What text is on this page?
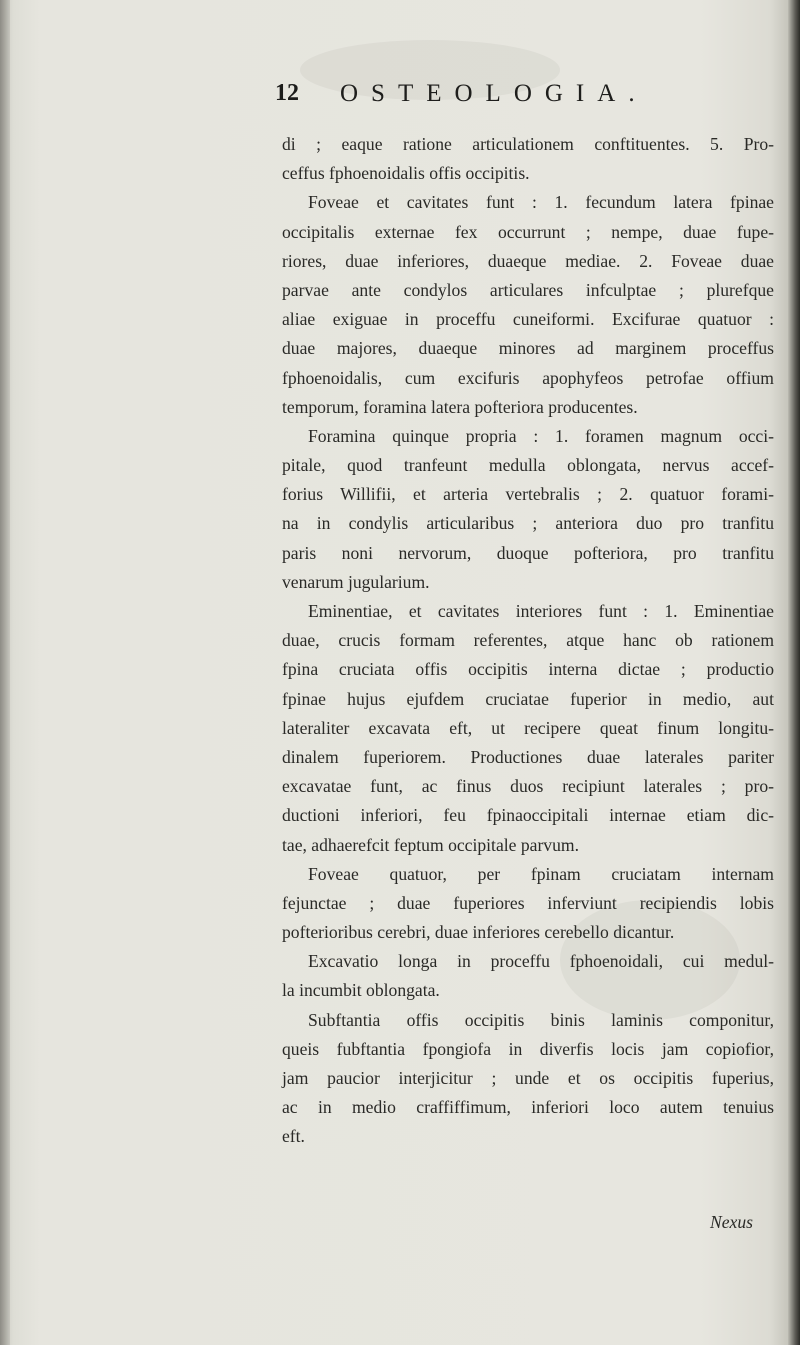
12 OSTEOLOGIA.
di ; eaque ratione articulationem conftituentes. 5. Pro-
ceffus fphoenoidalis offis occipitis.
Foveae et cavitates funt : 1. fecundum latera fpinae
occipitalis externae fex occurrunt ; nempe, duae fupe-
riores, duae inferiores, duaeque mediae. 2. Foveae duae
parvae ante condylos articulares infculptae ; plurefque
aliae exiguae in proceffu cuneiformi. Excifurae quatuor :
duae majores, duaeque minores ad marginem proceffus
fphoenoidalis, cum excifuris apophyfeos petrofae offium
temporum, foramina latera pofteriora producentes.
Foramina quinque propria : 1. foramen magnum occi-
pitale, quod tranfeunt medulla oblongata, nervus accef-
forius Willifii, et arteria vertebralis ; 2. quatuor forami-
na in condylis articularibus ; anteriora duo pro tranfitu
paris noni nervorum, duoque pofteriora, pro tranfitu
venarum jugularium.
Eminentiae, et cavitates interiores funt : 1. Eminentiae
duae, crucis formam referentes, atque hanc ob rationem
fpina cruciata offis occipitis interna dictae ; productio
fpinae hujus ejufdem cruciatae fuperior in medio, aut
lateraliter excavata eft, ut recipere queat finum longitu-
dinalem fuperiorem. Productiones duae laterales pariter
excavatae funt, ac finus duos recipiunt laterales ; pro-
ductioni inferiori, feu fpinaoccipitali internae etiam dic-
tae, adhaerefcit feptum occipitale parvum.
Foveae quatuor, per fpinam cruciatam internam
fejunctae ; duae fuperiores inferviunt recipiendis lobis
pofterioribus cerebri, duae inferiores cerebello dicantur.
Excavatio longa in proceffu fphoenoidali, cui medul-
la incumbit oblongata.
Subftantia offis occipitis binis laminis componitur,
queis fubftantia fpongiofa in diverfis locis jam copiofior,
jam paucior interjicitur ; unde et os occipitis fuperius,
ac in medio craffiffimum, inferiori loco autem tenuius
eft.
Nexus
